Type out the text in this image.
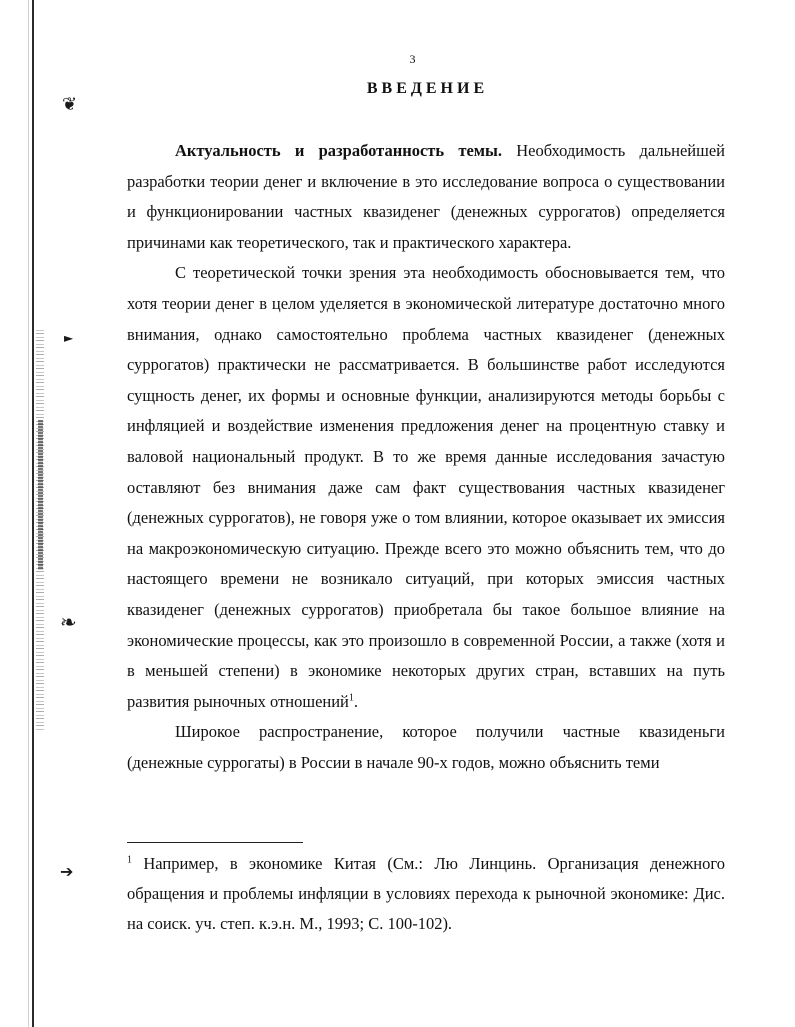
❦
►
❧
➔
3
ВВЕДЕНИЕ

Актуальность и разработанность темы. Необходимость дальнейшей разработки теории денег и включение в это исследование вопроса о существовании и функционировании частных квазиденег (денежных суррогатов) определяется причинами как теоретического, так и практического характера.

С теоретической точки зрения эта необходимость обосновывается тем, что хотя теории денег в целом уделяется в экономической литературе достаточно много внимания, однако самостоятельно проблема частных квазиденег (денежных суррогатов) практически не рассматривается. В большинстве работ исследуются сущность денег, их формы и основные функции, анализируются методы борьбы с инфляцией и воздействие изменения предложения денег на процентную ставку и валовой национальный продукт. В то же время данные исследования зачастую оставляют без внимания даже сам факт существования частных квазиденег (денежных суррогатов), не говоря уже о том влиянии, которое оказывает их эмиссия на макроэкономическую ситуацию. Прежде всего это можно объяснить тем, что до настоящего времени не возникало ситуаций, при которых эмиссия частных квазиденег (денежных суррогатов) приобретала бы такое большое влияние на экономические процессы, как это произошло в современной России, а также (хотя и в меньшей степени) в экономике некоторых других стран, вставших на путь развития рыночных отношений$^1$.

Широкое распространение, которое получили частные квазиденьги (денежные суррогаты) в России в начале 90-х годов, можно объяснить теми

$^1$ Например, в экономике Китая (См.: Лю Линцинь. Организация денежного обращения и проблемы инфляции в условиях перехода к рыночной экономике: Дис. на соиск. уч. степ. к.э.н. М., 1993; С. 100-102).
